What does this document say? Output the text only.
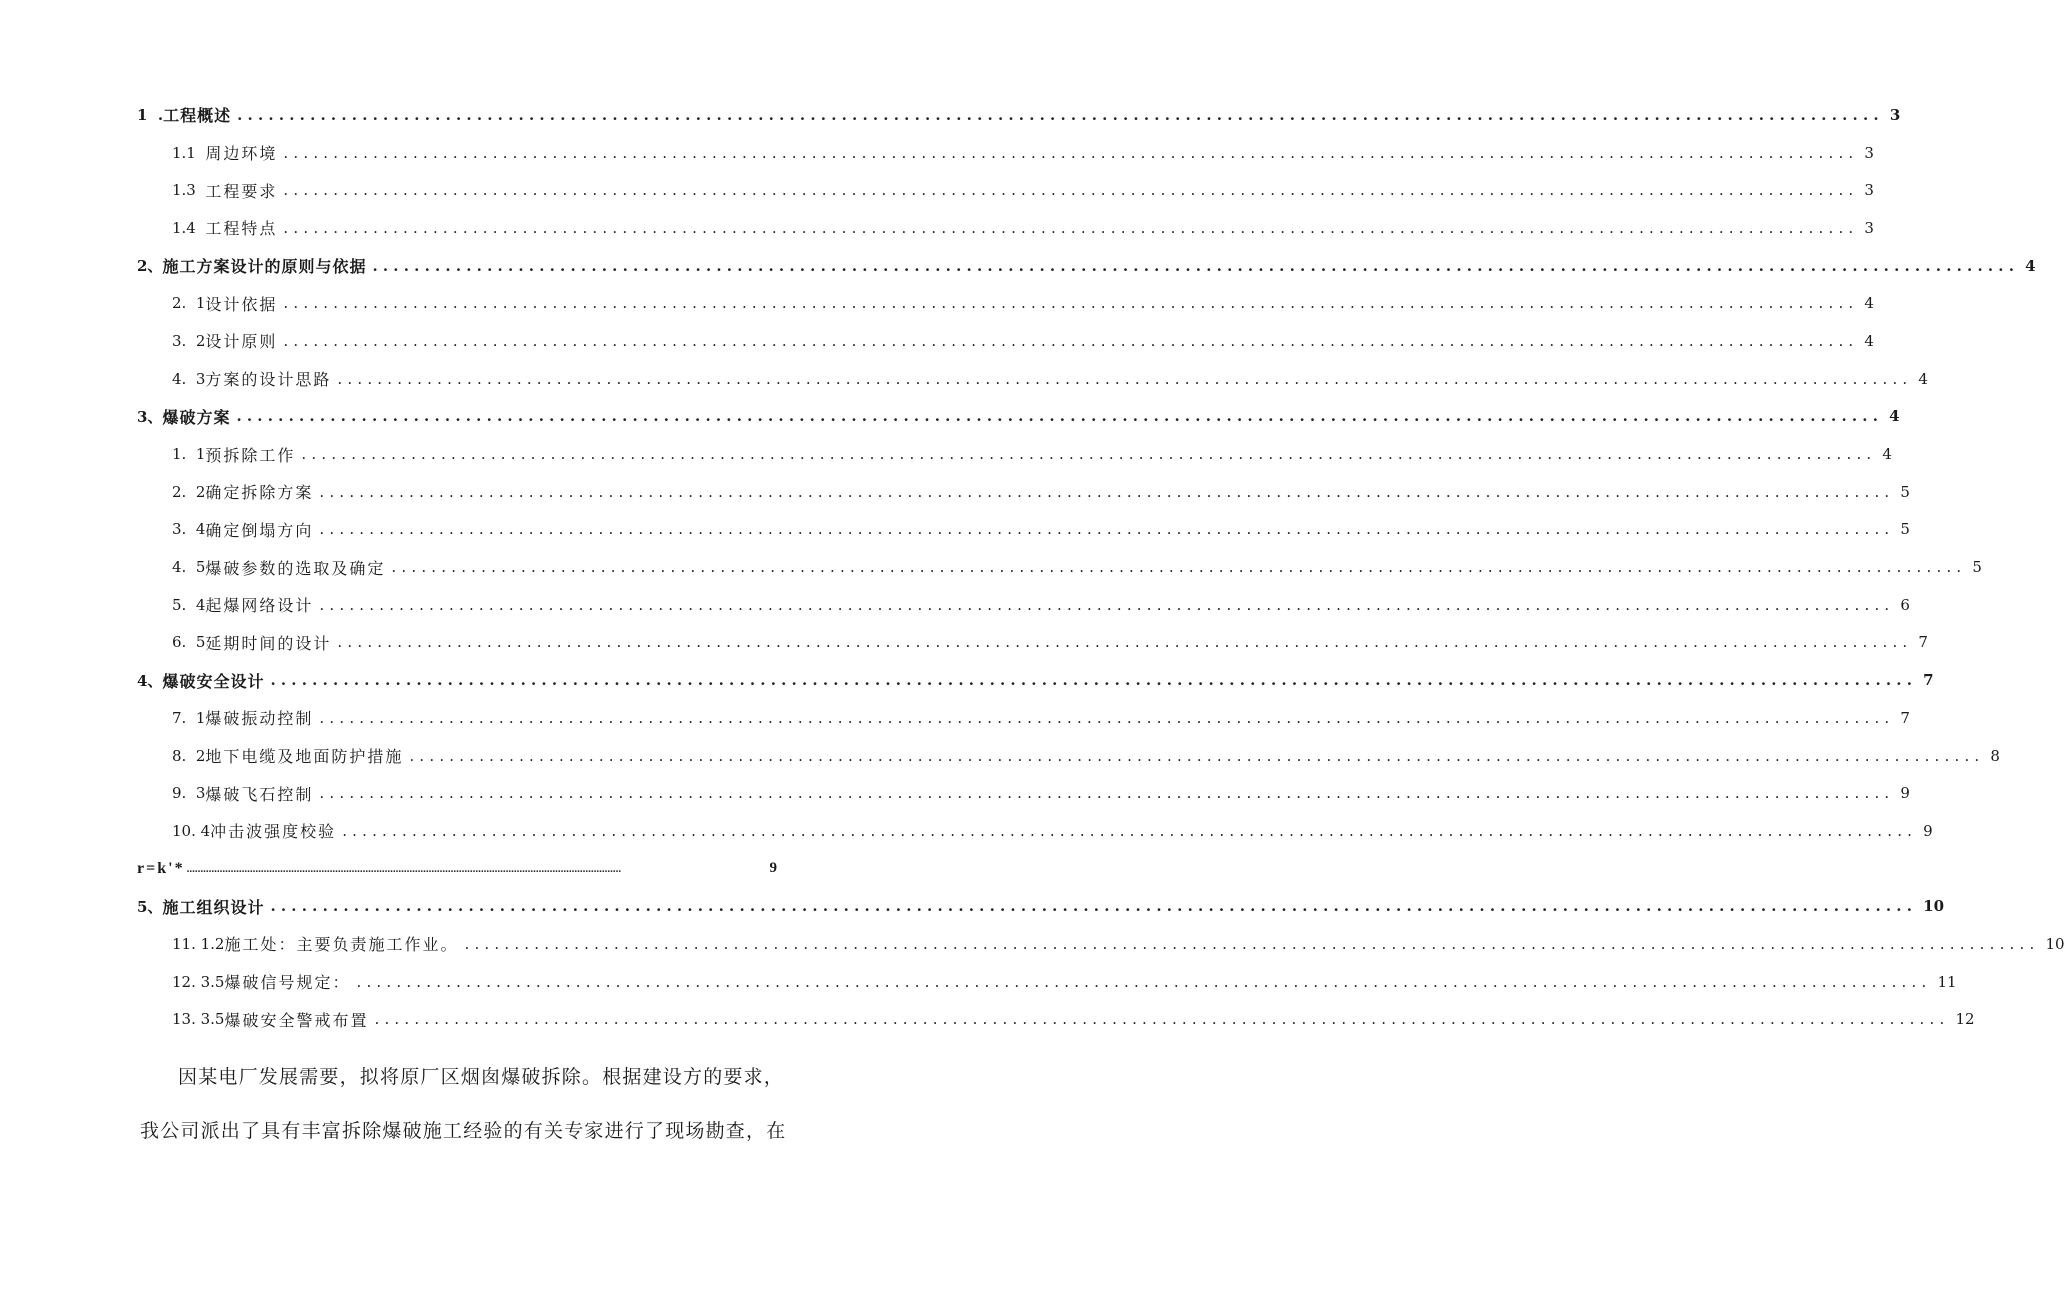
1  . 工程概述 .............................................................................................................................................................. 3
1.1 周边环境 .............................................................................................................................................................. 3
1.3 工程要求 .............................................................................................................................................................. 3
1.4 工程特点 .............................................................................................................................................................. 3
2、 施工方案设计的原则与依据 .............................................................................................................................................................. 4
2.  1 设计依据 .............................................................................................................................................................. 4
3.  2 设计原则 .............................................................................................................................................................. 4
4.  3 方案的设计思路 .............................................................................................................................................................. 4
3、 爆破方案 .............................................................................................................................................................. 4
1.  1 预拆除工作 .............................................................................................................................................................. 4
2.  2 确定拆除方案 .............................................................................................................................................................. 5
3.  4 确定倒塌方向 .............................................................................................................................................................. 5
4.  5 爆破参数的选取及确定 .............................................................................................................................................................. 5
5.  4 起爆网络设计 .............................................................................................................................................................. 6
6.  5 延期时间的设计 .............................................................................................................................................................. 7
4、 爆破安全设计 .............................................................................................................................................................. 7
7.  1 爆破振动控制 .............................................................................................................................................................. 7
8.  2 地下电缆及地面防护措施 .............................................................................................................................................................. 8
9.  3 爆破飞石控制 .............................................................................................................................................................. 9
10. 4 冲击波强度校验 .............................................................................................................................................................. 9
r=k'* ..............................................................................................................................................................	9
5、 施工组织设计 .............................................................................................................................................................. 10
11. 1.2 施工处：主要负责施工作业。 .............................................................................................................................................................. 10
12. 3.5 爆破信号规定： .............................................................................................................................................................. 11
13. 3.5 爆破安全警戒布置 .............................................................................................................................................................. 12
因某电厂发展需要，拟将原厂区烟囱爆破拆除。根据建设方的要求，
我公司派出了具有丰富拆除爆破施工经验的有关专家进行了现场勘查，在
